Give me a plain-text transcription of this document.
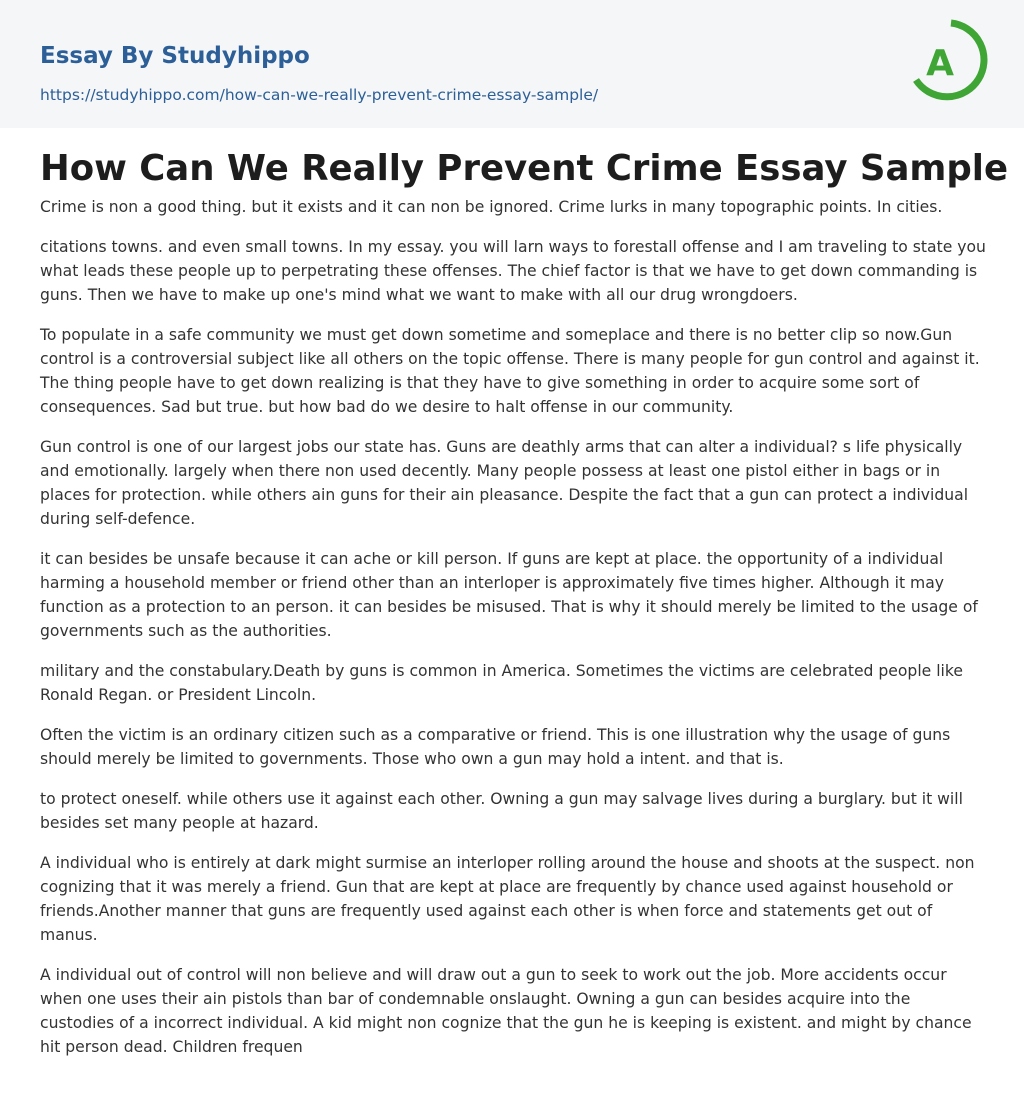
Essay By Studyhippo
https://studyhippo.com/how-can-we-really-prevent-crime-essay-sample/
A
How Can We Really Prevent Crime Essay Sample

Crime is non a good thing. but it exists and it can non be ignored. Crime lurks in many topographic points. In cities.

citations towns. and even small towns. In my essay. you will larn ways to forestall offense and I am traveling to state you what leads these people up to perpetrating these offenses. The chief factor is that we have to get down commanding is guns. Then we have to make up one's mind what we want to make with all our drug wrongdoers.

To populate in a safe community we must get down sometime and someplace and there is no better clip so now.Gun control is a controversial subject like all others on the topic offense. There is many people for gun control and against it. The thing people have to get down realizing is that they have to give something in order to acquire some sort of consequences. Sad but true. but how bad do we desire to halt offense in our community.

Gun control is one of our largest jobs our state has. Guns are deathly arms that can alter a individual? s life physically and emotionally. largely when there non used decently. Many people possess at least one pistol either in bags or in places for protection. while others ain guns for their ain pleasance. Despite the fact that a gun can protect a individual during self-defence.

it can besides be unsafe because it can ache or kill person. If guns are kept at place. the opportunity of a individual harming a household member or friend other than an interloper is approximately five times higher. Although it may function as a protection to an person. it can besides be misused. That is why it should merely be limited to the usage of governments such as the authorities.

military and the constabulary.Death by guns is common in America. Sometimes the victims are celebrated people like Ronald Regan. or President Lincoln.

Often the victim is an ordinary citizen such as a comparative or friend. This is one illustration why the usage of guns should merely be limited to governments. Those who own a gun may hold a intent. and that is.

to protect oneself. while others use it against each other. Owning a gun may salvage lives during a burglary. but it will besides set many people at hazard.

A individual who is entirely at dark might surmise an interloper rolling around the house and shoots at the suspect. non cognizing that it was merely a friend. Gun that are kept at place are frequently by chance used against household or friends.Another manner that guns are frequently used against each other is when force and statements get out of manus.

A individual out of control will non believe and will draw out a gun to seek to work out the job. More accidents occur when one uses their ain pistols than bar of condemnable onslaught. Owning a gun can besides acquire into the custodies of a incorrect individual. A kid might non cognize that the gun he is keeping is existent. and might by chance hit person dead. Children frequen
